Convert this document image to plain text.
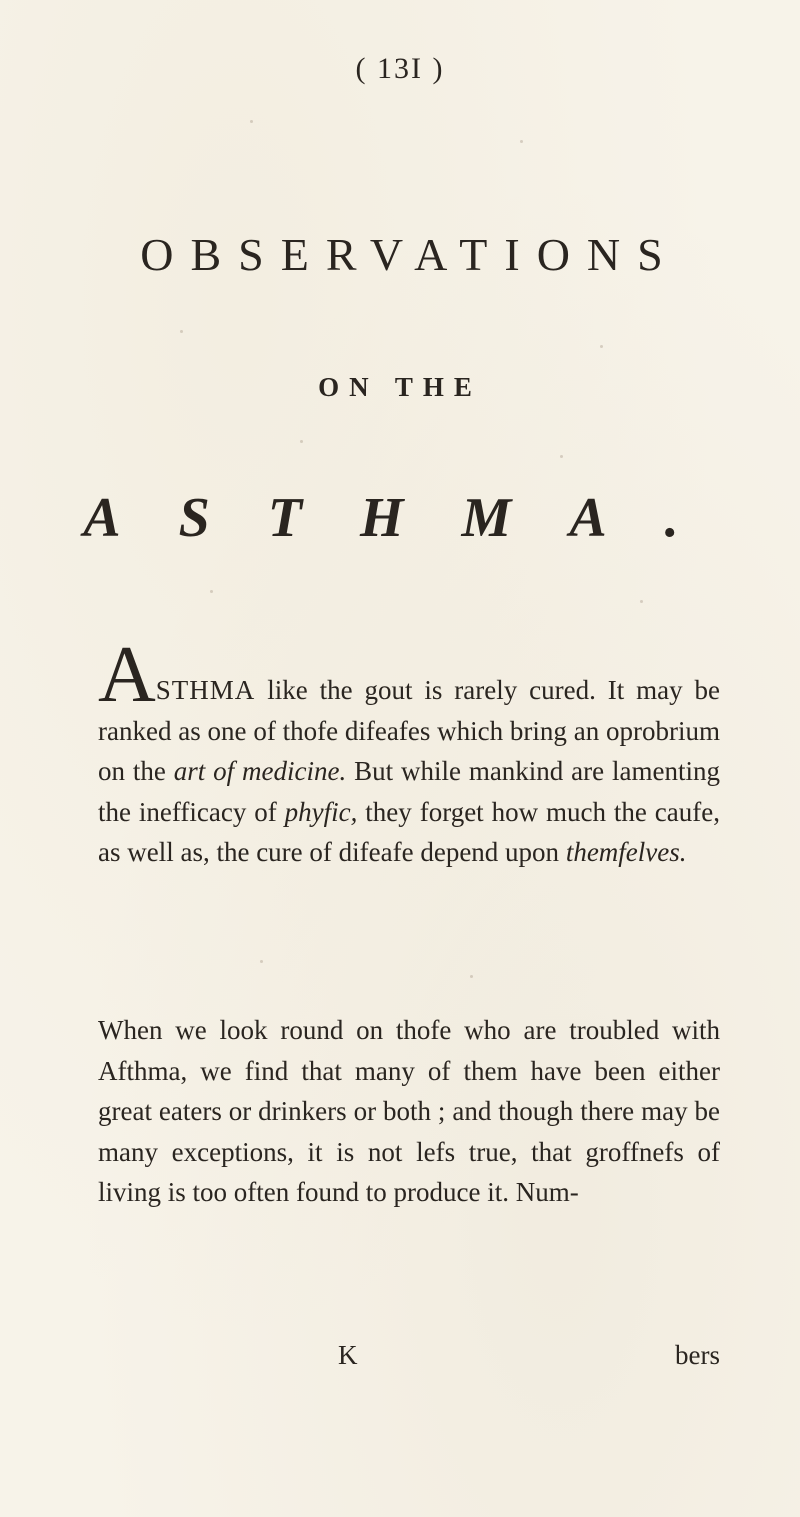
( 13I )
OBSERVATIONS
ON THE
ASTHMA.

ASTHMA like the gout is rarely cured. It may be ranked as one of thofe difeafes which bring an oprobrium on the art of medicine. But while mankind are lamenting the inefficacy of phyfic, they forget how much the caufe, as well as, the cure of difeafe depend upon themfelves.

When we look round on thofe who are troubled with Afthma, we find that many of them have been either great eaters or drinkers or both ; and though there may be many exceptions, it is not lefs true, that groffnefs of living is too often found to produce it. Num-

K	bers
